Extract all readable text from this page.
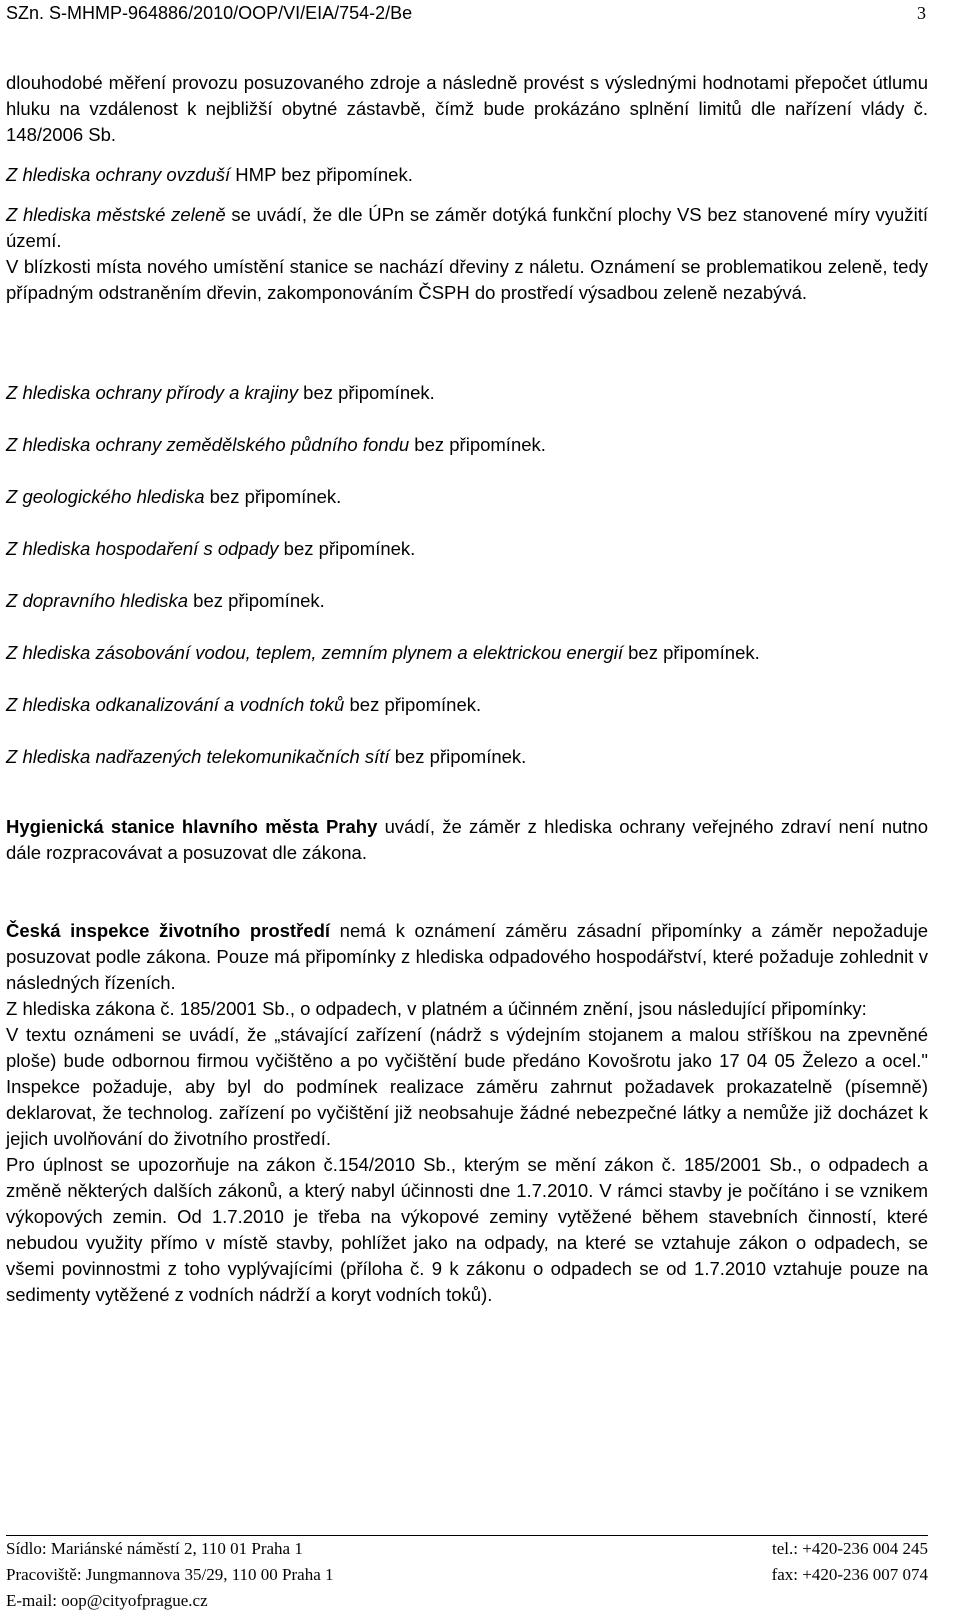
SZn. S-MHMP-964886/2010/OOP/VI/EIA/754-2/Be	3

dlouhodobé měření provozu posuzovaného zdroje a následně provést s výslednými hodnotami přepočet útlumu hluku na vzdálenost k nejbližší obytné zástavbě, čímž bude prokázáno splnění limitů dle nařízení vlády č. 148/2006 Sb.

Z hlediska ochrany ovzduší HMP bez připomínek.

Z hlediska městské zeleně se uvádí, že dle ÚPn se záměr dotýká funkční plochy VS bez stanovené míry využití území.

V blízkosti místa nového umístění stanice se nachází dřeviny z náletu. Oznámení se problematikou zeleně, tedy případným odstraněním dřevin, zakomponováním ČSPH do prostředí výsadbou zeleně nezabývá.

Z hlediska ochrany přírody a krajiny bez připomínek.

Z hlediska ochrany zemědělského půdního fondu bez připomínek.

Z geologického hlediska bez připomínek.

Z hlediska hospodaření s odpady bez připomínek.

Z dopravního hlediska bez připomínek.

Z hlediska zásobování vodou, teplem, zemním plynem a elektrickou energií bez připomínek.

Z hlediska odkanalizování a vodních toků bez připomínek.

Z hlediska nadřazených telekomunikačních sítí bez připomínek.

Hygienická stanice hlavního města Prahy uvádí, že záměr z hlediska ochrany veřejného zdraví není nutno dále rozpracovávat a posuzovat dle zákona.

Česká inspekce životního prostředí nemá k oznámení záměru zásadní připomínky a záměr nepožaduje posuzovat podle zákona. Pouze má připomínky z hlediska odpadového hospodářství, které požaduje zohlednit v následných řízeních.

Z hlediska zákona č. 185/2001 Sb., o odpadech, v platném a účinném znění, jsou následující připomínky:

V textu oznámeni se uvádí, že „stávající zařízení (nádrž s výdejním stojanem a malou stříškou na zpevněné ploše) bude odbornou firmou vyčištěno a po vyčištění bude předáno Kovošrotu jako 17 04 05 Železo a ocel." Inspekce požaduje, aby byl do podmínek realizace záměru zahrnut požadavek prokazatelně (písemně) deklarovat, že technolog. zařízení po vyčištění již neobsahuje žádné nebezpečné látky a nemůže již docházet k jejich uvolňování do životního prostředí.

Pro úplnost se upozorňuje na zákon č.154/2010 Sb., kterým se mění zákon č. 185/2001 Sb., o odpadech a změně některých dalších zákonů, a který nabyl účinnosti dne 1.7.2010. V rámci stavby je počítáno i se vznikem výkopových zemin. Od 1.7.2010 je třeba na výkopové zeminy vytěžené během stavebních činností, které nebudou využity přímo v místě stavby, pohlížet jako na odpady, na které se vztahuje zákon o odpadech, se všemi povinnostmi z toho vyplývajícími (příloha č. 9 k zákonu o odpadech se od 1.7.2010 vztahuje pouze na sedimenty vytěžené z vodních nádrží a koryt vodních toků).

Sídlo: Mariánské náměstí 2, 110 01 Praha 1	tel.: +420-236 004 245
Pracoviště: Jungmannova 35/29, 110 00 Praha 1	fax: +420-236 007 074
E-mail: oop@cityofprague.cz
